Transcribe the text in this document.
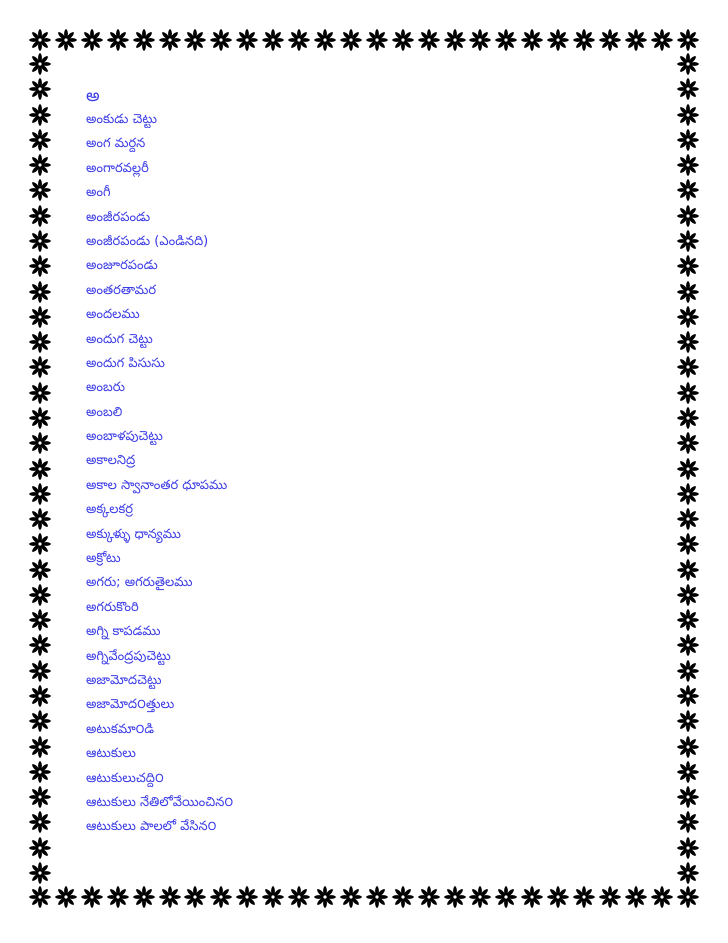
అ
అంకుడు చెట్టు
అంగ మర్దన
అంగారవల్లరీ
అంగీ
అంజీరపండు
అంజీరపండు (ఎండినది)
అంజూరపండు
అంతరతామర
అందలము
అందుగ చెట్టు
అందుగ పిసుసు
అంబరు
అంబలి
అంబాళపుచెట్టు
అకాలనిద్ర
అకాల స్వానాంతర ధూపము
అక్కలకర్ర
అక్కుళ్ళు ధాన్యము
అక్రోటు
అగరు; అగరుతైలము
అగరుకొంరి
అగ్ని కాపడము
అగ్నివేంద్రపుచెట్టు
అజామోదచెట్టు
అజామోద౦త్తులు
అటుకమా౦డి
ఆటుకులు
ఆటుకులుచద్ది౦
ఆటుకులు నేతిలోవేయించిన౦
ఆటుకులు పాలలో వేసిన౦
